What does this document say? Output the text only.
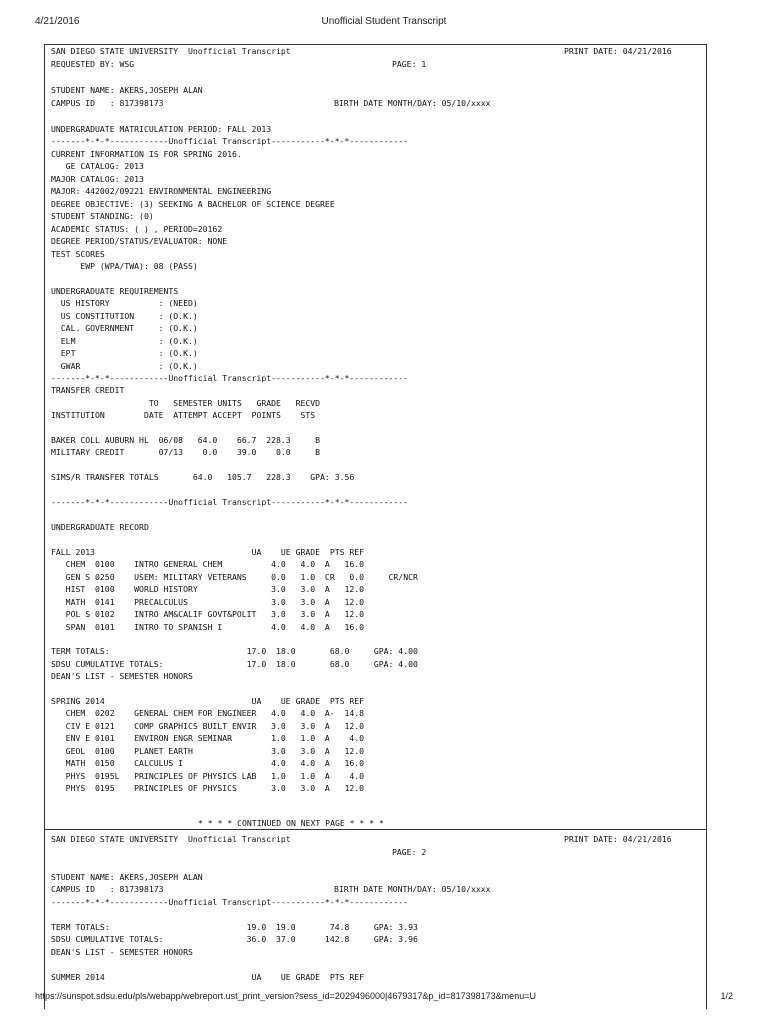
4/21/2016	Unofficial Student Transcript

SAN DIEGO STATE UNIVERSITY  Unofficial Transcript

	PRINT DATE: 04/21/2016

REQUESTED BY: WSG

	PAGE: 1

STUDENT NAME: AKERS,JOSEPH ALAN

CAMPUS ID   : 817398173

	BIRTH DATE MONTH/DAY: 05/10/xxxx

UNDERGRADUATE MATRICULATION PERIOD: FALL 2013
-------*-*-*------------Unofficial Transcript-----------*-*-*------------
CURRENT INFORMATION IS FOR SPRING 2016.
GE CATALOG: 2013
MAJOR CATALOG: 2013
MAJOR: 442002/09221 ENVIRONMENTAL ENGINEERING
DEGREE OBJECTIVE: (3) SEEKING A BACHELOR OF SCIENCE DEGREE
STUDENT STANDING: (0)
ACADEMIC STATUS: ( ) , PERIOD=20162
DEGREE PERIOD/STATUS/EVALUATOR: NONE
TEST SCORES
EWP (WPA/TWA): 08 (PASS)
UNDERGRADUATE REQUIREMENTS
US HISTORY          : (NEED)
US CONSTITUTION     : (O.K.)
CAL. GOVERNMENT     : (O.K.)
ELM                 : (O.K.)
EPT                 : (O.K.)
GWAR                : (O.K.)
-------*-*-*------------Unofficial Transcript-----------*-*-*------------
TRANSFER CREDIT
TO   SEMESTER UNITS   GRADE   RECVD
INSTITUTION        DATE  ATTEMPT ACCEPT  POINTS    STS
BAKER COLL AUBURN HL  06/08   64.0    66.7  228.3     B
MILITARY CREDIT       07/13    0.0    39.0    0.0     B
SIMS/R TRANSFER TOTALS       64.0   105.7   228.3    GPA: 3.56
-------*-*-*------------Unofficial Transcript-----------*-*-*------------
UNDERGRADUATE RECORD
FALL 2013                                UA    UE GRADE  PTS REF
CHEM  0100    INTRO GENERAL CHEM          4.0   4.0  A   16.0
GEN S 0250    USEM: MILITARY VETERANS     0.0   1.0  CR   0.0     CR/NCR
HIST  0100    WORLD HISTORY               3.0   3.0  A   12.0
MATH  0141    PRECALCULUS                 3.0   3.0  A   12.0
POL S 0102    INTRO AM&CALIF GOVT&POLIT   3.0   3.0  A   12.0
SPAN  0101    INTRO TO SPANISH I          4.0   4.0  A   16.0
TERM TOTALS:                            17.0  18.0       68.0     GPA: 4.00
SDSU CUMULATIVE TOTALS:                 17.0  18.0       68.0     GPA: 4.00
DEAN'S LIST - SEMESTER HONORS
SPRING 2014                              UA    UE GRADE  PTS REF
CHEM  0202    GENERAL CHEM FOR ENGINEER   4.0   4.0  A-  14.8
CIV E 0121    COMP GRAPHICS BUILT ENVIR   3.0   3.0  A   12.0
ENV E 0101    ENVIRON ENGR SEMINAR        1.0   1.0  A    4.0
GEOL  0100    PLANET EARTH                3.0   3.0  A   12.0
MATH  0150    CALCULUS I                  4.0   4.0  A   16.0
PHYS  0195L   PRINCIPLES OF PHYSICS LAB   1.0   1.0  A    4.0
PHYS  0195    PRINCIPLES OF PHYSICS       3.0   3.0  A   12.0
* * * * CONTINUED ON NEXT PAGE * * * *

SAN DIEGO STATE UNIVERSITY  Unofficial Transcript

	PRINT DATE: 04/21/2016

PAGE: 2

STUDENT NAME: AKERS,JOSEPH ALAN

CAMPUS ID   : 817398173

	BIRTH DATE MONTH/DAY: 05/10/xxxx

-------*-*-*------------Unofficial Transcript-----------*-*-*------------
TERM TOTALS:                            19.0  19.0       74.8     GPA: 3.93
SDSU CUMULATIVE TOTALS:                 36.0  37.0      142.8     GPA: 3.96
DEAN'S LIST - SEMESTER HONORS
SUMMER 2014                              UA    UE GRADE  PTS REF
https://sunspot.sdsu.edu/pls/webapp/webreport.ust_print_version?sess_id=2029496000|4679317&p_id=817398173&menu=U	1/2
